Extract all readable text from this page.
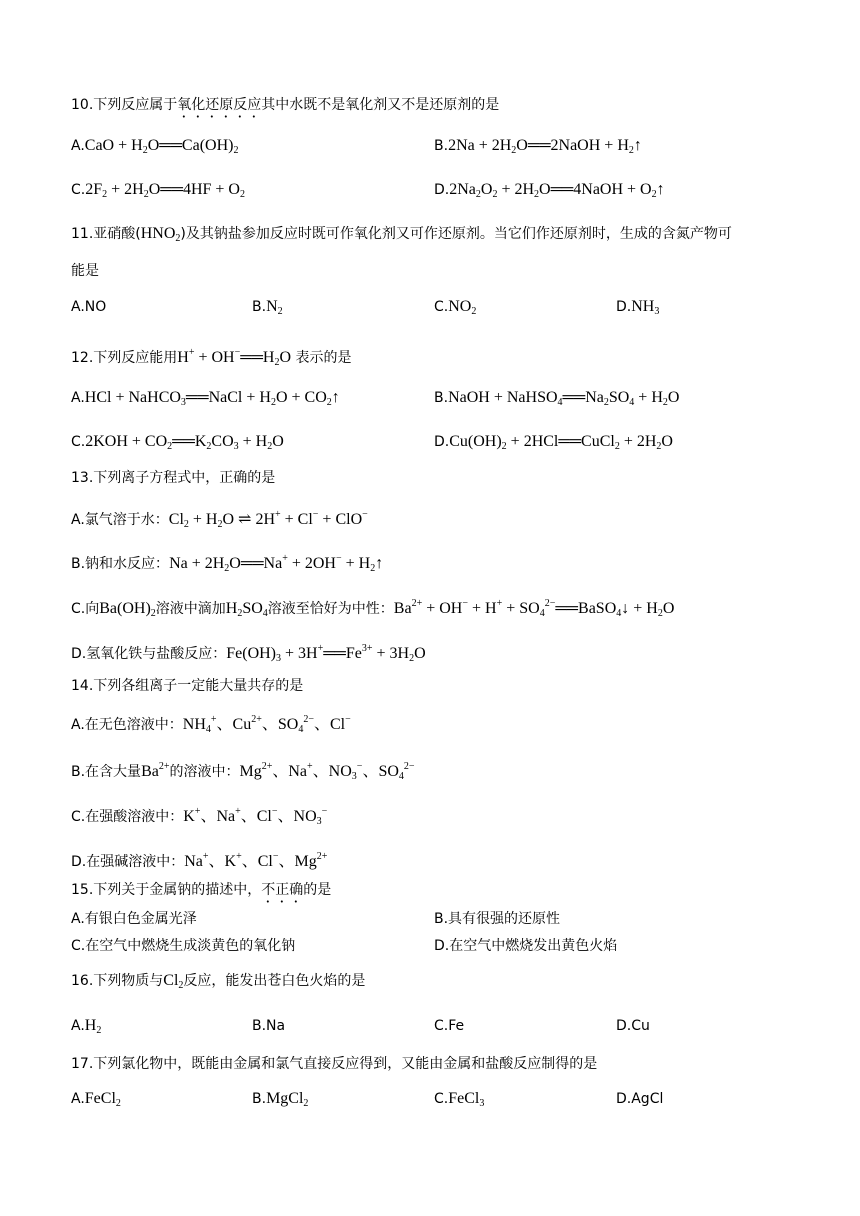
10.下列反应属于氧化还原反应其中水既不是氧化剂又不是还原剂的是
$A.CaO + H_2O══Ca(OH)_2$	$B.2Na + 2H_2O══2NaOH$ + $H_2↑$
$C.2F_2$ + $2H_2O══4HF + O_2$	$D.2Na_2O_2$ + $2H_2O══4NaOH$ + $O_2↑$
11.亚硝酸$(HNO_2)$及其钠盐参加反应时既可作氧化剂又可作还原剂。当它们作还原剂时，生成的含氮产物可
能是
A.NO	$B.N_2$	$C.NO_2$	$D.NH_3$
12.下列反应能用$H^+ + OH^-══H_2O$ 表示的是
A.HCl + NaHCO$_3$══NaCl + $H_2O$ + $CO_2↑$	B.NaOH + $NaHSO_4══Na_2SO_4 + H_2O$
$C.2KOH + CO_2══K_2CO_3 + H_2O$	$D.Cu(OH)_2$ + 2HCl══CuCl$_2$ + $2H_2O$
13.下列离子方程式中，正确的是
A.氯气溶于水：$Cl_2 + H_2O$ ⇌ 2H+ + Cl− + ClO−
B.钠和水反应：$Na + 2H_2O══Na^+ + 2OH^-$ + $H_2↑$
C.向$Ba(OH)_2$溶液中滴加$H_2SO_4$溶液至恰好为中性：$Ba^{2+} + OH^- + H^+$ + $SO_4^{2-}══BaSO_4↓ + H_2O$
D.氢氧化铁与盐酸反应：$Fe(OH)_3$ + $3H^+══Fe^{3+} + 3H_2O$
14.下列各组离子一定能大量共存的是
A.在无色溶液中：$NH_4^+$、$Cu^{2+}$、$SO_4^{2-}$、Cl−
B.在含大量$Ba^{2+}$的溶液中：$Mg^{2+}$、Na+、$NO_3^-$、$SO_4^{2-}$
C.在强酸溶液中：K+、Na+、Cl−、$NO_3^-$
D.在强碱溶液中：Na+、K+、Cl−、$Mg^{2+}$
15.下列关于金属钠的描述中，不正确的是
A.有银白色金属光泽	B.具有很强的还原性
C.在空气中燃烧生成淡黄色的氧化钠	D.在空气中燃烧发出黄色火焰
16.下列物质与$Cl_2$反应，能发出苍白色火焰的是
$A.H_2$	B.Na	C.Fe	D.Cu
17.下列氯化物中，既能由金属和氯气直接反应得到，又能由金属和盐酸反应制得的是
A.FeCl$_2$	B.MgCl$_2$	C.FeCl$_3$	D.AgCl
